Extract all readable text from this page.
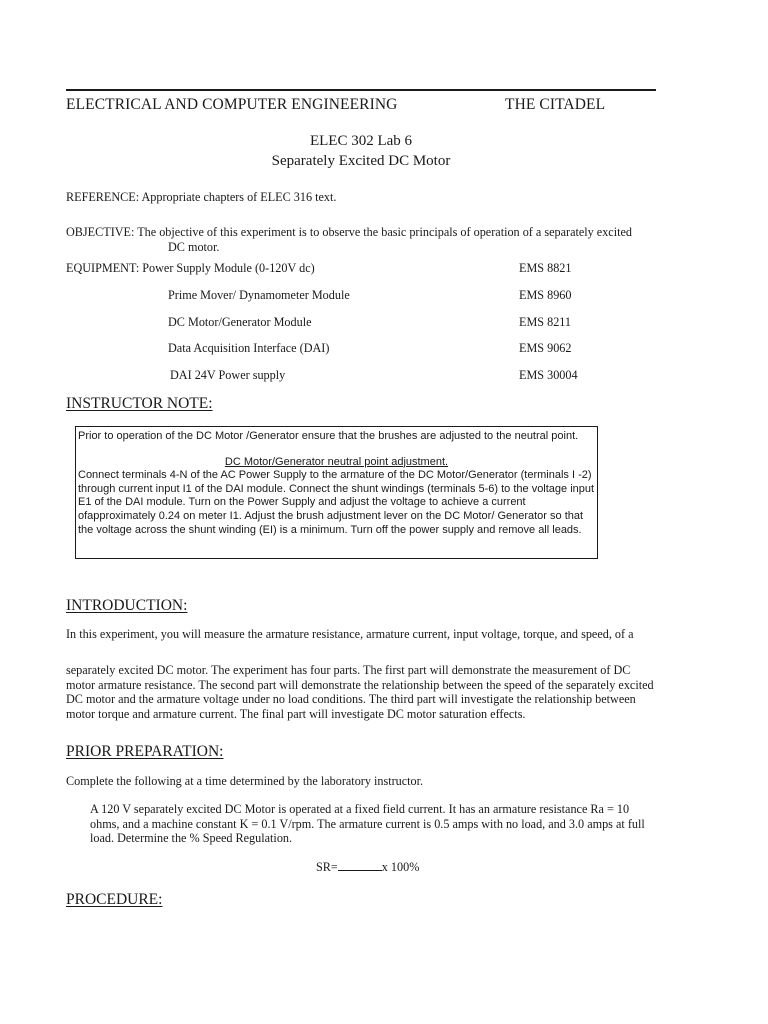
ELECTRICAL AND COMPUTER ENGINEERING	THE CITADEL
ELEC 302 Lab 6
Separately Excited DC Motor
REFERENCE: Appropriate chapters of ELEC 316 text.
OBJECTIVE: The objective of this experiment is to observe the basic principals of operation of a separately excited
DC motor.
EQUIPMENT: Power Supply Module (0-120V dc)	EMS 8821
Prime Mover/ Dynamometer Module	EMS 8960
DC Motor/Generator Module	EMS 8211
Data Acquisition Interface (DAI)	EMS 9062
DAI 24V Power supply	EMS 30004
INSTRUCTOR NOTE:
Prior to operation of the DC Motor /Generator ensure that the brushes are adjusted to the neutral point.
DC Motor/Generator neutral point adjustment.
Connect terminals 4-N of the AC Power Supply to the armature of the DC Motor/Generator (terminals I -2) through current input I1 of the DAI module. Connect the shunt windings (terminals 5-6) to the voltage input E1 of the DAI module. Turn on the Power Supply and adjust the voltage to achieve a current ofapproximately 0.24 on meter I1. Adjust the brush adjustment lever on the DC Motor/ Generator so that the voltage across the shunt winding (EI) is a minimum. Turn off the power supply and remove all leads.
INTRODUCTION:
In this experiment, you will measure the armature resistance, armature current, input voltage, torque, and speed, of a
separately excited DC motor. The experiment has four parts. The first part will demonstrate the measurement of DC motor armature resistance. The second part will demonstrate the relationship between the speed of the separately excited DC motor and the armature voltage under no load conditions. The third part will investigate the relationship between motor torque and armature current. The final part will investigate DC motor saturation effects.
PRIOR PREPARATION:
Complete the following at a time determined by the laboratory instructor.
A 120 V separately excited DC Motor is operated at a fixed field current. It has an armature resistance Ra = 10 ohms, and a machine constant K = 0.1 V/rpm. The armature current is 0.5 amps with no load, and 3.0 amps at full load. Determine the % Speed Regulation.
SR=	x 100%
PROCEDURE:
